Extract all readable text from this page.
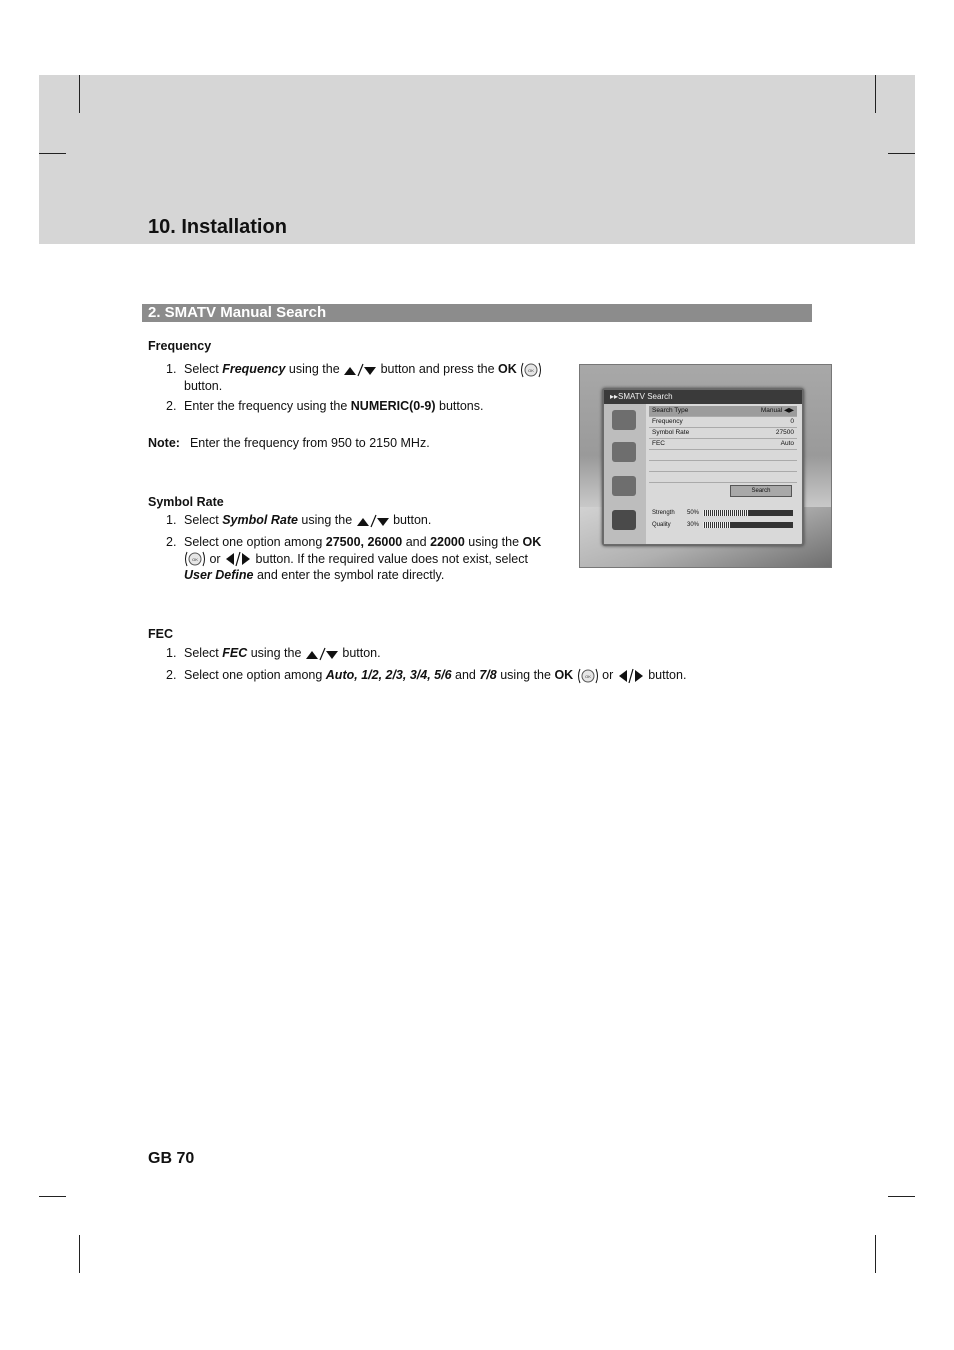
10. Installation
2. SMATV Manual Search
Frequency
1. Select Frequency using the	button and press the OK	OK

button.
2. Enter the frequency using the NUMERIC(0-9) buttons.
Note: Enter the frequency from 950 to 2150 MHz.
Symbol Rate
1. Select Symbol Rate using the	button.
2. Select one option among 27500, 26000 and 22000 using the OK

OK or  button. If the required value does not exist, select
User Define and enter the symbol rate directly.
FEC
1. Select FEC using the	button.
2. Select one option among Auto, 1/2, 2/3, 3/4, 5/6 and 7/8 using the OK	OK or  button.
▸▸SMATV Search
Search Type	Manual ◀▶
Frequency	0
Symbol Rate	27500
FEC	Auto
Search
Strength 50%
Quality	30%
GB 70
